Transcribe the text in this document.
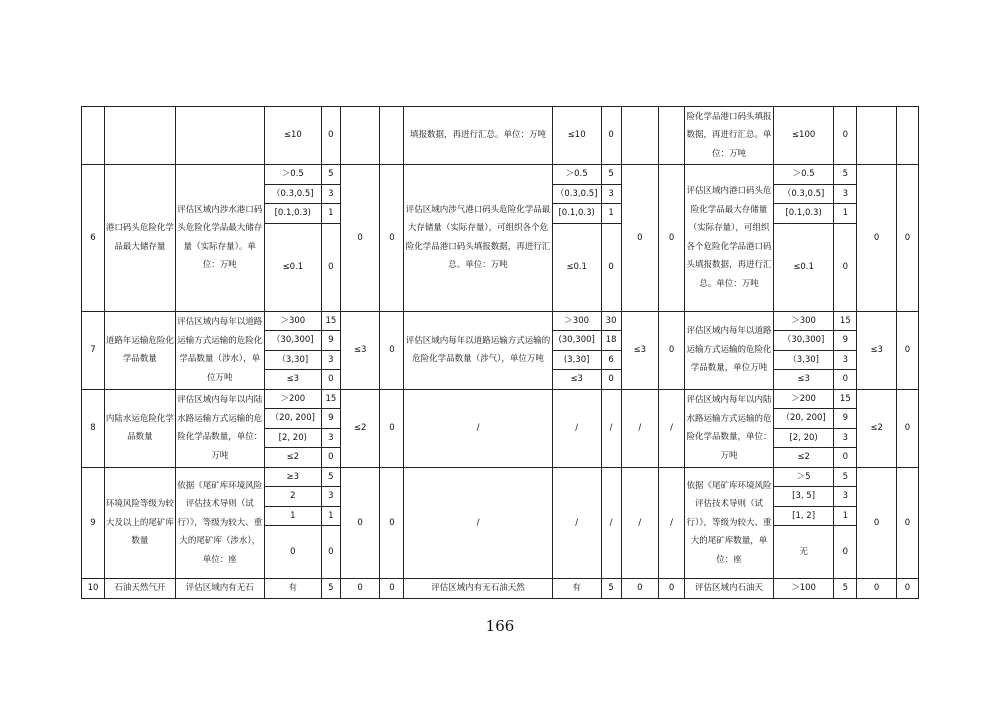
			≤10	0			填报数据，再进行汇总。单位：万吨	≤10	0			险化学品港口码头填报数据，再进行汇总。单位：万吨	≤100	0		
6	港口码头危险化学品最大储存量	评估区域内涉水港口码头危险化学品最大储存量（实际存量）。单位：万吨	＞0.5	5	0	0	评估区域内涉气港口码头危险化学品最大存储量（实际存量），可组织各个危险化学品港口码头填报数据，再进行汇总。单位：万吨	＞0.5	5	0	0	评估区域内港口码头危险化学品最大存储量（实际存量），可组织各个危险化学品港口码头填报数据，再进行汇总。单位：万吨	＞0.5	5	0	0
			（0.3,0.5]	3				（0.3,0.5]	3				（0.3,0.5]	3		
			[0.1,0.3)	1				[0.1,0.3)	1				[0.1,0.3)	1		
			≤0.1	0				≤0.1	0				≤0.1	0		
7	道路年运输危险化学品数量	评估区域内每年以道路运输方式运输的危险化学品数量（涉水），单位万吨	＞300	15	≤3	0	评估区域内每年以道路运输方式运输的危险化学品数量（涉气），单位万吨	＞300	30	≤3	0	评估区域内每年以道路运输方式运输的危险化学品数量，单位万吨	＞300	15	≤3	0
			（30,300]	9				(30,300]	18				（30,300]	9		
			（3,30]	3				(3,30]	6				（3,30]	3		
			≤3	0				≤3	0				≤3	0		
8	内陆水运危险化学品数量	评估区域内每年以内陆水路运输方式运输的危险化学品数量，单位：万吨	＞200	15	≤2	0	/	/	/	/	/	评估区域内每年以内陆水路运输方式运输的危险化学品数量，单位：万吨	＞200	15	≤2	0
			（20, 200]	9									（20, 200]	9		
			[2, 20)	3									[2, 20)	3		
			≤2	0									≤2	0		
9	环境风险等级为较大及以上的尾矿库数量	依据《尾矿库环境风险评估技术导则（试行）》，等级为较大、重大的尾矿库（涉水），单位：座	≥3	5	0	0	/	/	/	/	/	依据《尾矿库环境风险评估技术导则（试行）》，等级为较大、重大的尾矿库数量，单位：座	＞5	5	0	0
			2	3									[3, 5]	3		
			1	1									[1, 2]	1		
			0	0									无	0		
10	石油天然气开	评估区域内有无石	有	5	0	0	评估区域内有无石油天然	有	5	0	0	评估区域内石油天	＞100	5	0	0
166
